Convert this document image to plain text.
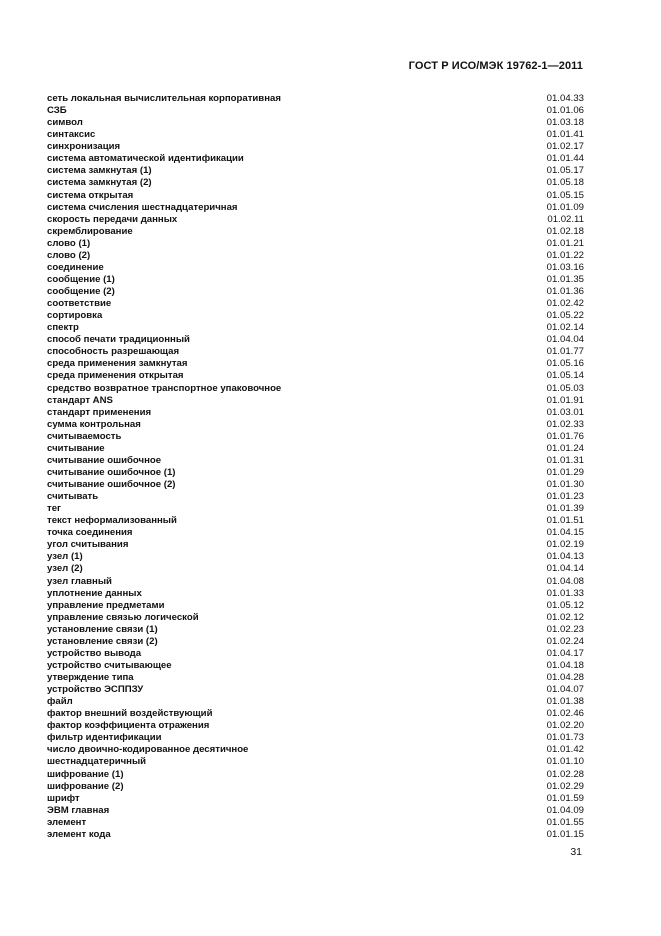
ГОСТ Р ИСО/МЭК 19762-1—2011
сеть локальная вычислительная корпоративная	01.04.33
СЗБ	01.01.06
символ	01.03.18
синтаксис	01.01.41
синхронизация	01.02.17
система автоматической идентификации	01.01.44
система замкнутая (1)	01.05.17
система замкнутая (2)	01.05.18
система открытая	01.05.15
система счисления шестнадцатеричная	01.01.09
скорость передачи данных	01.02.11
скремблирование	01.02.18
слово (1)	01.01.21
слово (2)	01.01.22
соединение	01.03.16
сообщение (1)	01.01.35
сообщение (2)	01.01.36
соответствие	01.02.42
сортировка	01.05.22
спектр	01.02.14
способ печати традиционный	01.04.04
способность разрешающая	01.01.77
среда применения замкнутая	01.05.16
среда применения открытая	01.05.14
средство возвратное транспортное упаковочное	01.05.03
стандарт ANS	01.01.91
стандарт применения	01.03.01
сумма контрольная	01.02.33
считываемость	01.01.76
считывание	01.01.24
считывание ошибочное	01.01.31
считывание ошибочное (1)	01.01.29
считывание ошибочное (2)	01.01.30
считывать	01.01.23
тег	01.01.39
текст неформализованный	01.01.51
точка соединения	01.04.15
угол считывания	01.02.19
узел (1)	01.04.13
узел (2)	01.04.14
узел главный	01.04.08
уплотнение данных	01.01.33
управление предметами	01.05.12
управление связью логической	01.02.12
установление связи (1)	01.02.23
установление связи (2)	01.02.24
устройство вывода	01.04.17
устройство считывающее	01.04.18
утверждение типа	01.04.28
устройство ЭСППЗУ	01.04.07
файл	01.01.38
фактор внешний воздействующий	01.02.46
фактор коэффициента отражения	01.02.20
фильтр идентификации	01.01.73
число двоично-кодированное десятичное	01.01.42
шестнадцатеричный	01.01.10
шифрование (1)	01.02.28
шифрование (2)	01.02.29
шрифт	01.01.59
ЭВМ главная	01.04.09
элемент	01.01.55
элемент кода	01.01.15
31
